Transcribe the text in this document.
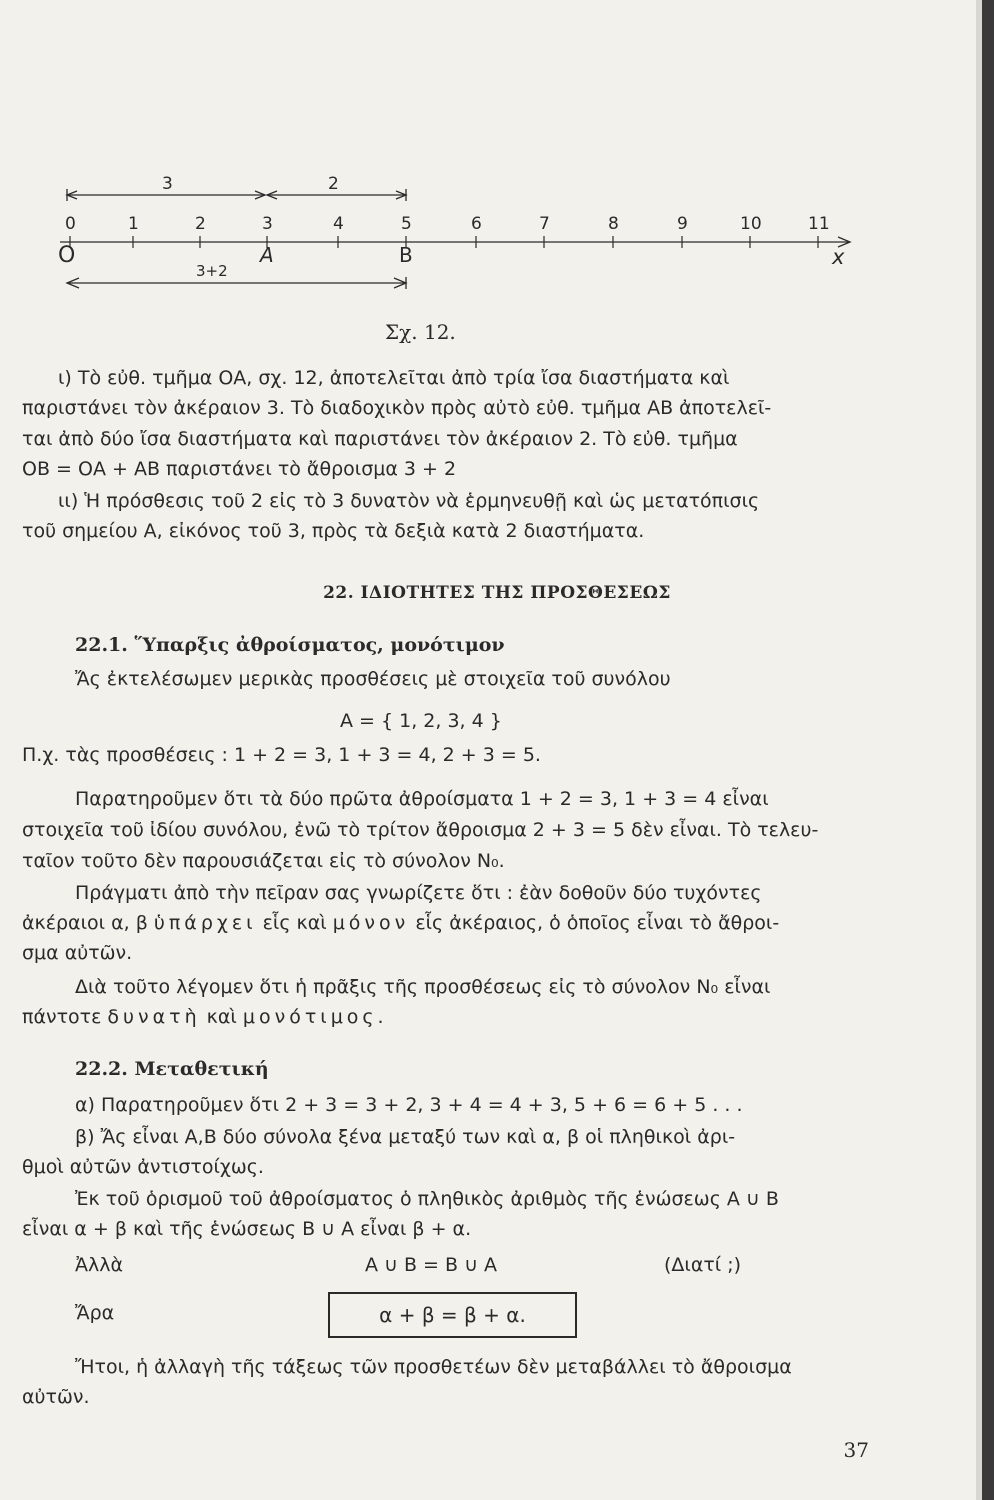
3	2
0	1	2	3	4	5	6	7	8	9	10	11
O	A	B	x
3+2
Σχ. 12.
ι) Τὸ εὐθ. τμῆμα ΟΑ, σχ. 12, ἀποτελεῖται ἀπὸ τρία ἴσα διαστήματα καὶ
παριστάνει τὸν ἀκέραιον 3. Τὸ διαδοχικὸν πρὸς αὐτὸ εὐθ. τμῆμα ΑΒ ἀποτελεῖ-
ται ἀπὸ δύο ἴσα διαστήματα καὶ παριστάνει τὸν ἀκέραιον 2. Τὸ εὐθ. τμῆμα
ΟΒ = ΟΑ + ΑΒ παριστάνει τὸ ἄθροισμα 3 + 2
ιι) Ἡ πρόσθεσις τοῦ 2 εἰς τὸ 3 δυνατὸν νὰ ἑρμηνευθῇ καὶ ὡς μετατόπισις
τοῦ σημείου Α, εἰκόνος τοῦ 3, πρὸς τὰ δεξιὰ κατὰ 2 διαστήματα.
22. ΙΔΙΟΤΗΤΕΣ ΤΗΣ ΠΡΟΣΘΕΣΕΩΣ
22.1. Ὕπαρξις ἀθροίσματος, μονότιμον
Ἄς ἐκτελέσωμεν μερικὰς προσθέσεις μὲ στοιχεῖα τοῦ συνόλου
A = { 1, 2, 3, 4 }
Π.χ. τὰς προσθέσεις : 1 + 2 = 3, 1 + 3 = 4, 2 + 3 = 5.
Παρατηροῦμεν ὅτι τὰ δύο πρῶτα ἀθροίσματα 1 + 2 = 3, 1 + 3 = 4 εἶναι
στοιχεῖα τοῦ ἰδίου συνόλου, ἐνῶ τὸ τρίτον ἄθροισμα 2 + 3 = 5 δὲν εἶναι. Τὸ τελευ-
ταῖον τοῦτο δὲν παρουσιάζεται εἰς τὸ σύνολον N₀.
Πράγματι ἀπὸ τὴν πεῖραν σας γνωρίζετε ὅτι : ἐὰν δοθοῦν δύο τυχόντες
ἀκέραιοι α, β ὑπάρχει εἷς καὶ μόνον εἷς ἀκέραιος, ὁ ὁποῖος εἶναι τὸ ἄθροι-
σμα αὐτῶν.
Διὰ τοῦτο λέγομεν ὅτι ἡ πρᾶξις τῆς προσθέσεως εἰς τὸ σύνολον N₀ εἶναι
πάντοτε δυνατὴ καὶ μονότιμος.
22.2. Μεταθετική
α) Παρατηροῦμεν ὅτι 2 + 3 = 3 + 2, 3 + 4 = 4 + 3, 5 + 6 = 6 + 5 . . .
β) Ἄς εἶναι Α,Β δύο σύνολα ξένα μεταξύ των καὶ α, β οἱ πληθικοὶ ἀρι-
θμοὶ αὐτῶν ἀντιστοίχως.
Ἐκ τοῦ ὁρισμοῦ τοῦ ἀθροίσματος ὁ πληθικὸς ἀριθμὸς τῆς ἑνώσεως Α ∪ Β
εἶναι α + β καὶ τῆς ἑνώσεως Β ∪ Α εἶναι β + α.
Ἀλλὰ	Α ∪ Β = Β ∪ Α	(Διατί ;)
Ἄρα	α + β = β + α.
Ἤτοι, ἡ ἀλλαγὴ τῆς τάξεως τῶν προσθετέων δὲν μεταβάλλει τὸ ἄθροισμα
αὐτῶν.
37
